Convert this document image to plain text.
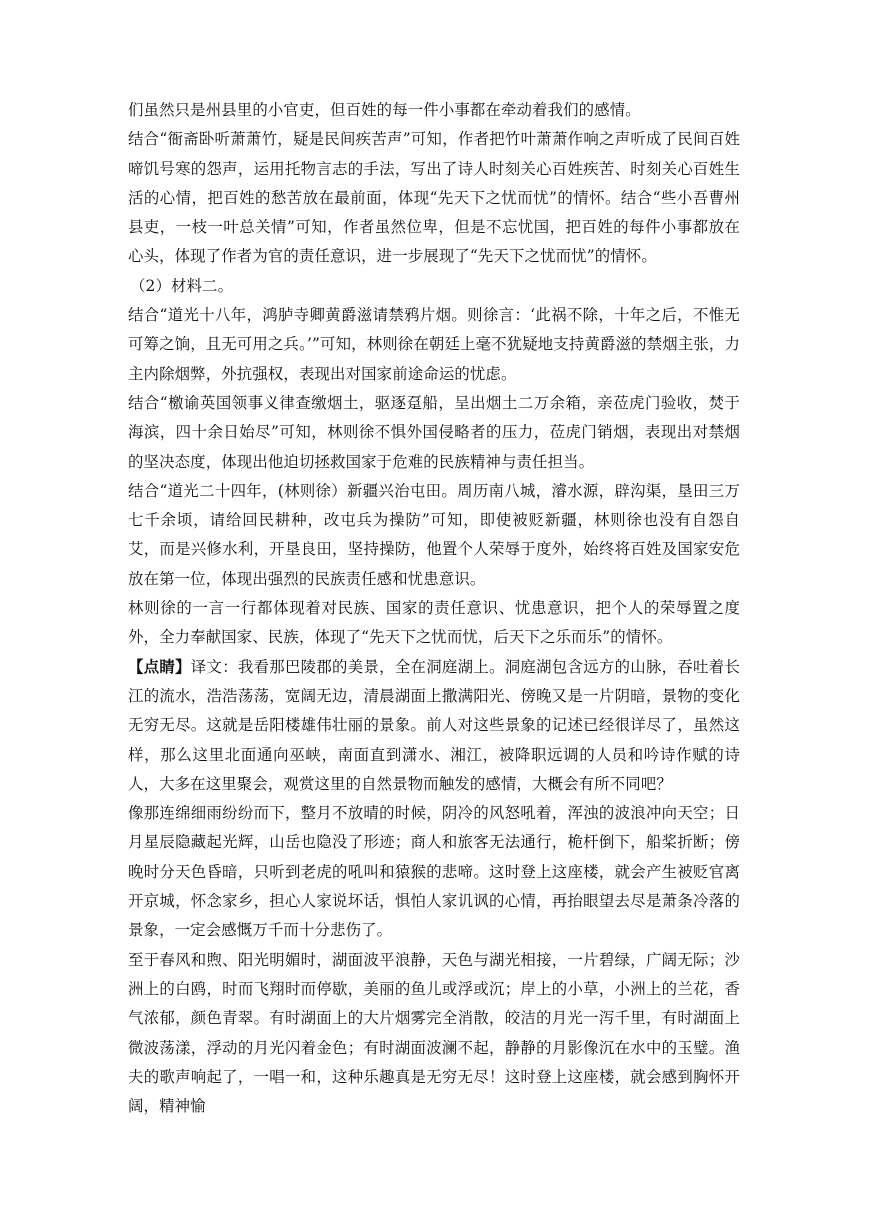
们虽然只是州县里的小官吏，但百姓的每一件小事都在牵动着我们的感情。

结合“衙斋卧听萧萧竹，疑是民间疾苦声”可知，作者把竹叶萧萧作响之声听成了民间百姓啼饥号寒的怨声，运用托物言志的手法，写出了诗人时刻关心百姓疾苦、时刻关心百姓生活的心情，把百姓的愁苦放在最前面，体现“先天下之忧而忧”的情怀。结合“些小吾曹州县吏，一枝一叶总关情”可知，作者虽然位卑，但是不忘忧国，把百姓的每件小事都放在心头，体现了作者为官的责任意识，进一步展现了“先天下之忧而忧”的情怀。

（2）材料二。

结合“道光十八年，鸿胪寺卿黄爵滋请禁鸦片烟。则徐言：‘此祸不除，十年之后，不惟无可筹之饷，且无可用之兵。’”可知，林则徐在朝廷上毫不犹疑地支持黄爵滋的禁烟主张，力主内除烟弊，外抗强权，表现出对国家前途命运的忧虑。

结合“檄谕英国领事义律查缴烟土，驱逐趸船，呈出烟土二万余箱，亲莅虎门验收，焚于海滨，四十余日始尽”可知，林则徐不惧外国侵略者的压力，莅虎门销烟，表现出对禁烟的坚决态度，体现出他迫切拯救国家于危难的民族精神与责任担当。

结合“道光二十四年，(林则徐）新疆兴治屯田。周历南八城，濬水源，辟沟渠，垦田三万七千余顷，请给回民耕种，改屯兵为操防”可知，即使被贬新疆，林则徐也没有自怨自艾，而是兴修水利，开垦良田，坚持操防，他置个人荣辱于度外，始终将百姓及国家安危放在第一位，体现出强烈的民族责任感和忧患意识。

林则徐的一言一行都体现着对民族、国家的责任意识、忧患意识，把个人的荣辱置之度外，全力奉献国家、民族，体现了“先天下之忧而忧，后天下之乐而乐”的情怀。

【点睛】译文：我看那巴陵郡的美景，全在洞庭湖上。洞庭湖包含远方的山脉，吞吐着长江的流水，浩浩荡荡，宽阔无边，清晨湖面上撒满阳光、傍晚又是一片阴暗，景物的变化无穷无尽。这就是岳阳楼雄伟壮丽的景象。前人对这些景象的记述已经很详尽了，虽然这样，那么这里北面通向巫峡，南面直到潇水、湘江，被降职远调的人员和吟诗作赋的诗人，大多在这里聚会，观赏这里的自然景物而触发的感情，大概会有所不同吧？

像那连绵细雨纷纷而下，整月不放晴的时候，阴冷的风怒吼着，浑浊的波浪冲向天空；日月星辰隐藏起光辉，山岳也隐没了形迹；商人和旅客无法通行，桅杆倒下，船桨折断；傍晚时分天色昏暗，只听到老虎的吼叫和猿猴的悲啼。这时登上这座楼，就会产生被贬官离开京城，怀念家乡，担心人家说坏话，惧怕人家讥讽的心情，再抬眼望去尽是萧条冷落的景象，一定会感慨万千而十分悲伤了。

至于春风和煦、阳光明媚时，湖面波平浪静，天色与湖光相接，一片碧绿，广阔无际；沙洲上的白鸥，时而飞翔时而停歇，美丽的鱼儿或浮或沉；岸上的小草，小洲上的兰花，香气浓郁，颜色青翠。有时湖面上的大片烟雾完全消散，皎洁的月光一泻千里，有时湖面上微波荡漾，浮动的月光闪着金色；有时湖面波澜不起，静静的月影像沉在水中的玉璧。渔夫的歌声响起了，一唱一和，这种乐趣真是无穷无尽！这时登上这座楼，就会感到胸怀开阔，精神愉
